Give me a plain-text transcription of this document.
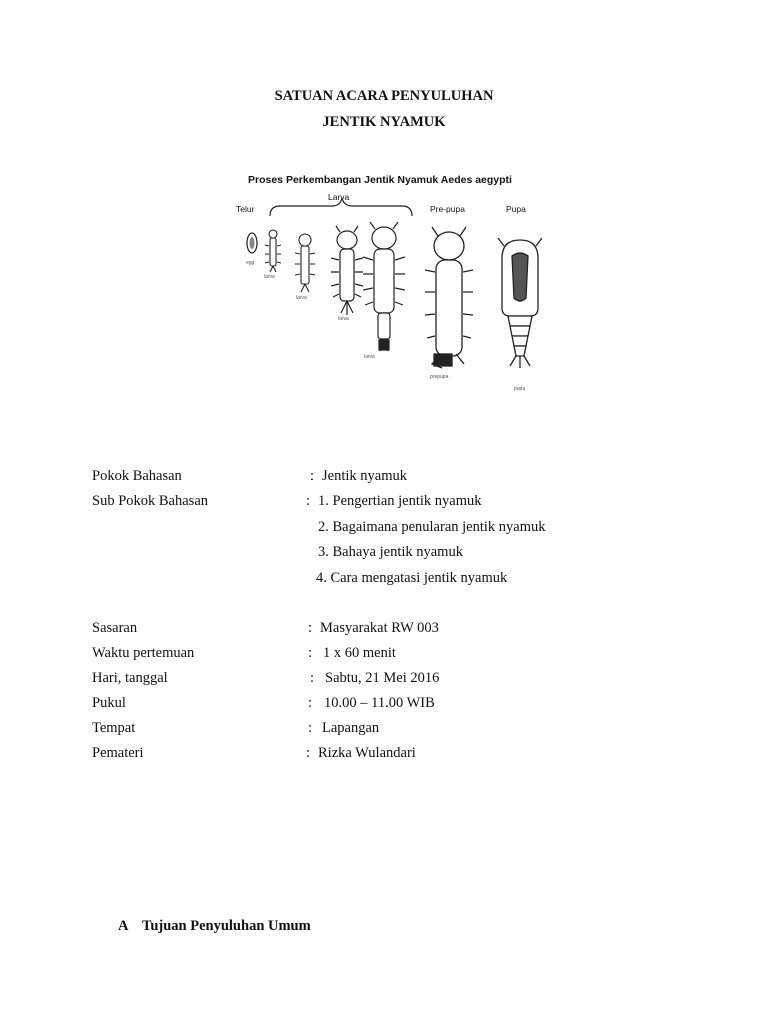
SATUAN ACARA PENYULUHAN
JENTIK NYAMUK
Proses Perkembangan Jentik Nyamuk Aedes aegypti
Telur
Larva
Pre-pupa	Pupa
egg
larva
larva
larva
larva
prepupa
pupa
Pokok Bahasan	: Jentik nyamuk
Sub Pokok Bahasan	: 1. Pengertian jentik nyamuk
2. Bagaimana penularan jentik nyamuk
3. Bahaya jentik nyamuk
4. Cara mengatasi jentik nyamuk
Sasaran	: Masyarakat RW 003
Waktu pertemuan	: 1 x 60 menit
Hari, tanggal	: Sabtu, 21 Mei 2016
Pukul	: 10.00 – 11.00 WIB
Tempat	: Lapangan
Pemateri	: Rizka Wulandari
A Tujuan Penyuluhan Umum
